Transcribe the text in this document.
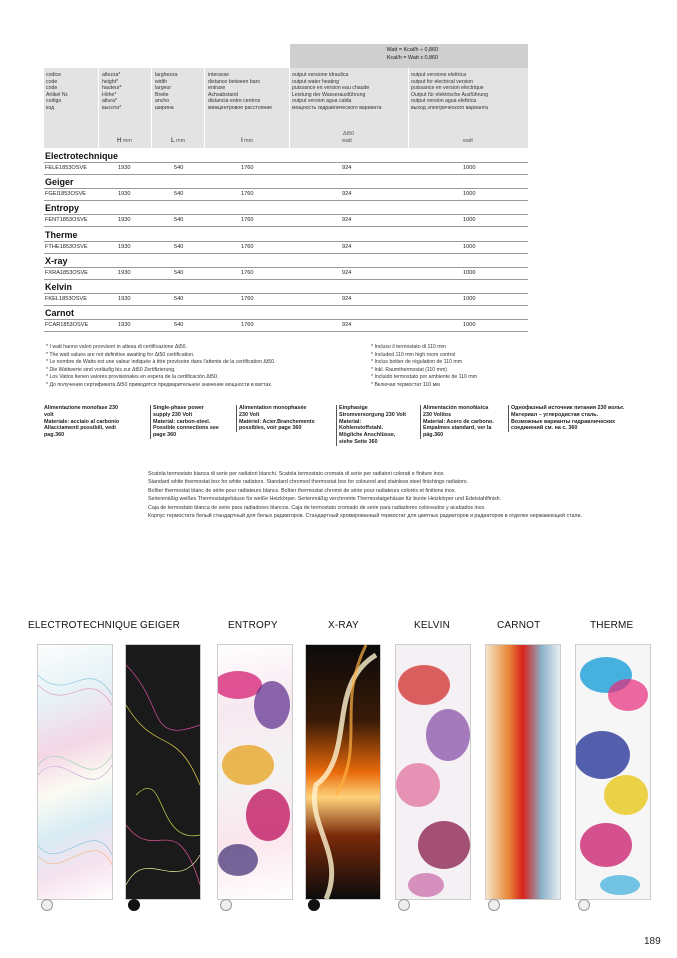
Watt = Kcal/h ÷ 0,860
Kcal/h = Watt x 0,860
codice
code
code
Artikel Nr.
codigo
код
altezza*
height*
hauteur*
Höhe*
altura*
высота*
larghezza
width
largeur
Breite
ancho
ширина
interasse
distance between bars
entraxe
Achsabstand
distancia entre centros
межцентровое расстояние
output versione idraulica
output water heating
puissance en version eau chaude
Leistung der Wasserausführung
output version agua calda
мощность гидравлического варианта
output versione elettrica
output for electrical version
puissance en version electrique
Output für elektrische Ausführung
output version agua elettrica
выход электрического варианта
H mm	L mm	I mm
Δt50
watt	watt
Electrotechnique
FELE1853OSVE	1930	540	1760	924	1000
Geiger
FGEI1853OSVE	1930	540	1760	924	1000
Entropy
FENT1853OSVE	1930	540	1760	924	1000
Therme
FTHE1853OSVE	1930	540	1760	924	1000
X-ray
FXRA1853OSVE	1930	540	1760	924	1000
Kelvin
FKEL1853OSVE	1930	540	1760	924	1000
Carnot
FCAR1853OSVE	1930	540	1760	924	1000
* I watt hanno valori provvisori in attesa di certificazione Δt50.
* The watt values are not definitive awaiting for Δt50 certification.
* Le nombre de Watts est une valeur indiquée à titre provisoire dans l'attente de la certification Δt50.
* Die Wattwerte sind vorläufig bis zur Δt50 Zertifizierung.
* Los Vatios tienen valores provisionales en espera de la certificación Δt50.
* До получения сертификата Δt50 приводятся предварительное значение мощности в ваттах.
* Incluso il termostato di 110 mm
* Included 110 mm high room control
* Inclus boitier de régulation de 110 mm
* Inkl. Raumthermostat (110 mm)
* Incluido termostato por ambiente de 110 mm
* Включая термостат 110 мм
Alimentazione monofase 230 volt
Materiale: acciaio al carbonio
Allacciamenti possibili, vedi
pag.360
Single-phase power
supply 230 Volt
Material: carbon-steel.
Possible connections see
page 360
Alimentation monophasée
230 Volt
Matériel: Acier.Branchements
possibles, voir page 360
Einphasige
Stromversorgung 230 Volt
Material:
Kohlenstoffstahl.
Mögliche Anschlüsse,
siehe Seite 360
Alimentación monofásica
230 Volitos
Material: Acero de carbono.
Empalmes standard, ver la
pág.360
Однофазный источник питания 230 вольт.
Материал – углеродистая сталь.
Возможные варианты гидравлических
соединений см. на с. 360
Scatola termostato bianca di serie per radiatori bianchi. Scatola termostato cromata di serie per radiatori colorati e finiture inox.
Standard white thermostat box for white radiators. Standard chromed thermostat box for coloured and stainless steel finishings radiators.
Boîtier thermostat blanc de série pour radiateurs blancs. Boîtier thermostat chromé de série pour radiateurs colorés et finitions inox.
Serienmäßig weißes Thermostatgehäuse für weiße Heizkörper. Serienmäßig verchromte Thermostatgehäuse für bunte Heizkörper und Edelstahlfinish.
Caja de termostato blanca de serie para radiadores blancos. Caja de termostato cromado de serie para radiadores coloreados y acabados inox.
Корпус термостата белый стандартный для белых радиаторов. Стандартный хромированный термостат для цветных радиаторов и радиаторов в отделке нержавеющей стали.
ELECTROTECHNIQUE GEIGER	ENTROPY	X-RAY	KELVIN	CARNOT	THERME
189
